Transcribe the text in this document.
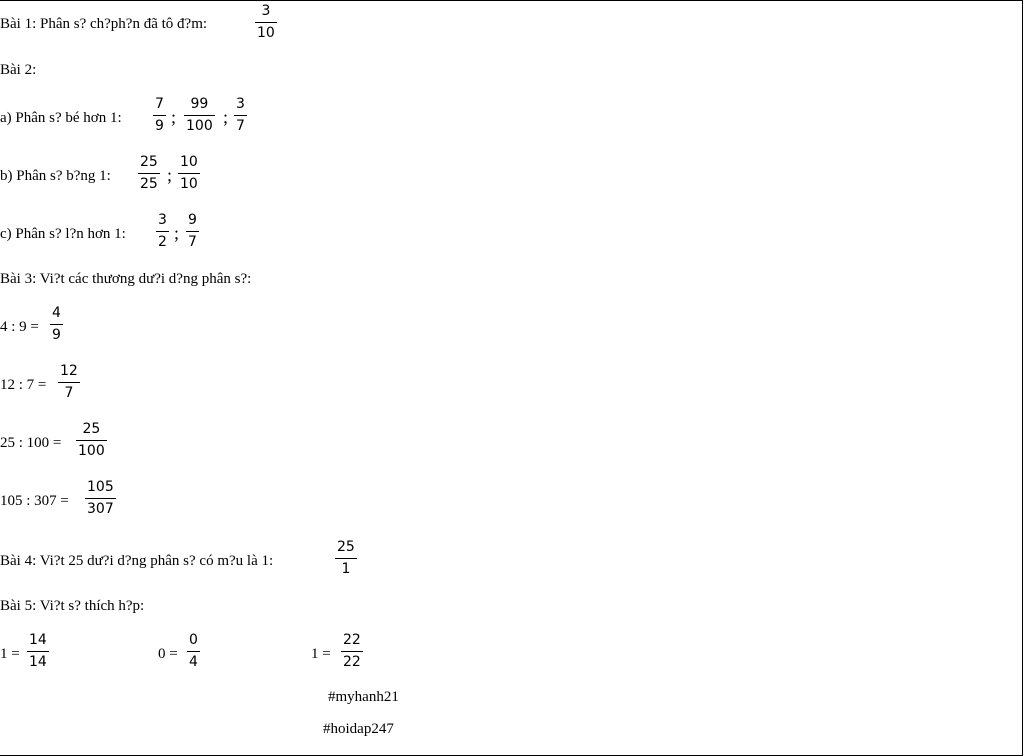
Bài 1: Phân s? ch?ph?n đã tô đ?m:
3
10
Bài 2:
a) Phân s? bé hơn 1:
7
9 ;
99
100 ;
3
7
b) Phân s? b?ng 1:
25
25 ;
10
10
c) Phân s? l?n hơn 1:
3
2 ;
9
7
Bài 3: Vi?t các thương dư?i d?ng phân s?:
4 : 9 =
4
9
12 : 7 =
12
7
25 : 100 =
25
100
105 : 307 =
105
307
Bài 4: Vi?t 25 dư?i d?ng phân s? có m?u là 1:
25
1
Bài 5: Vi?t s? thích h?p:
1 =
14
14	0 =
0
4	1 =
22
22
#myhanh21
#hoidap247
